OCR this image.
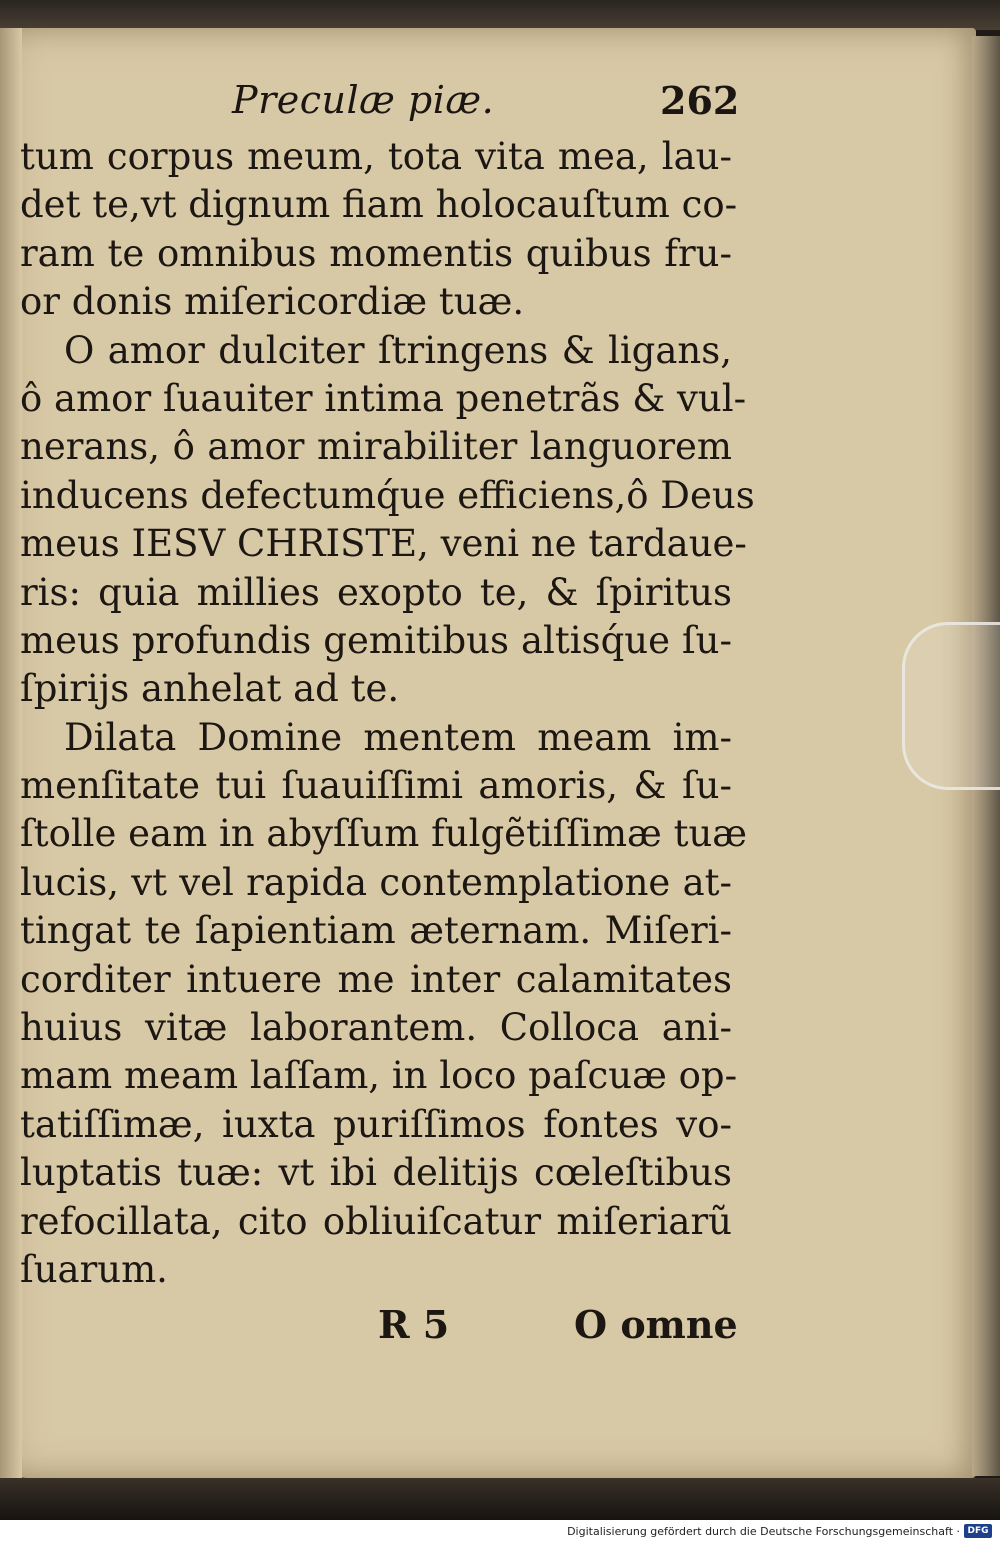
Preculæ piæ.	262
tum corpus meum, tota vita mea, lau-
det te,vt dignum fiam holocauſtum co-
ram te omnibus momentis quibus fru-
or donis miſericordiæ tuæ.
O amor dulciter ſtringens & ligans,
ô amor ſuauiter intima penetrãs & vul-
nerans, ô amor mirabiliter languorem
inducens defectumq́ue efficiens,ô Deus
meus IESV CHRISTE, veni ne tardaue-
ris: quia millies exopto te, & ſpiritus
meus profundis gemitibus altisq́ue ſu-
ſpirijs anhelat ad te.
Dilata Domine mentem meam im-
menſitate tui ſuauiſſimi amoris, & ſu-
ſtolle eam in abyſſum fulgẽtiſſimæ tuæ
lucis, vt vel rapida contemplatione at-
tingat te ſapientiam æternam. Miſeri-
corditer intuere me inter calamitates
huius vitæ laborantem. Colloca ani-
mam meam laſſam, in loco paſcuæ op-
tatiſſimæ, iuxta puriſſimos fontes vo-
luptatis tuæ: vt ibi delitijs cœleſtibus
refocillata, cito obliuiſcatur miſeriarũ
ſuarum.
R 5	O omne
Digitalisierung gefördert durch die Deutsche Forschungsgemeinschaft · DFG
